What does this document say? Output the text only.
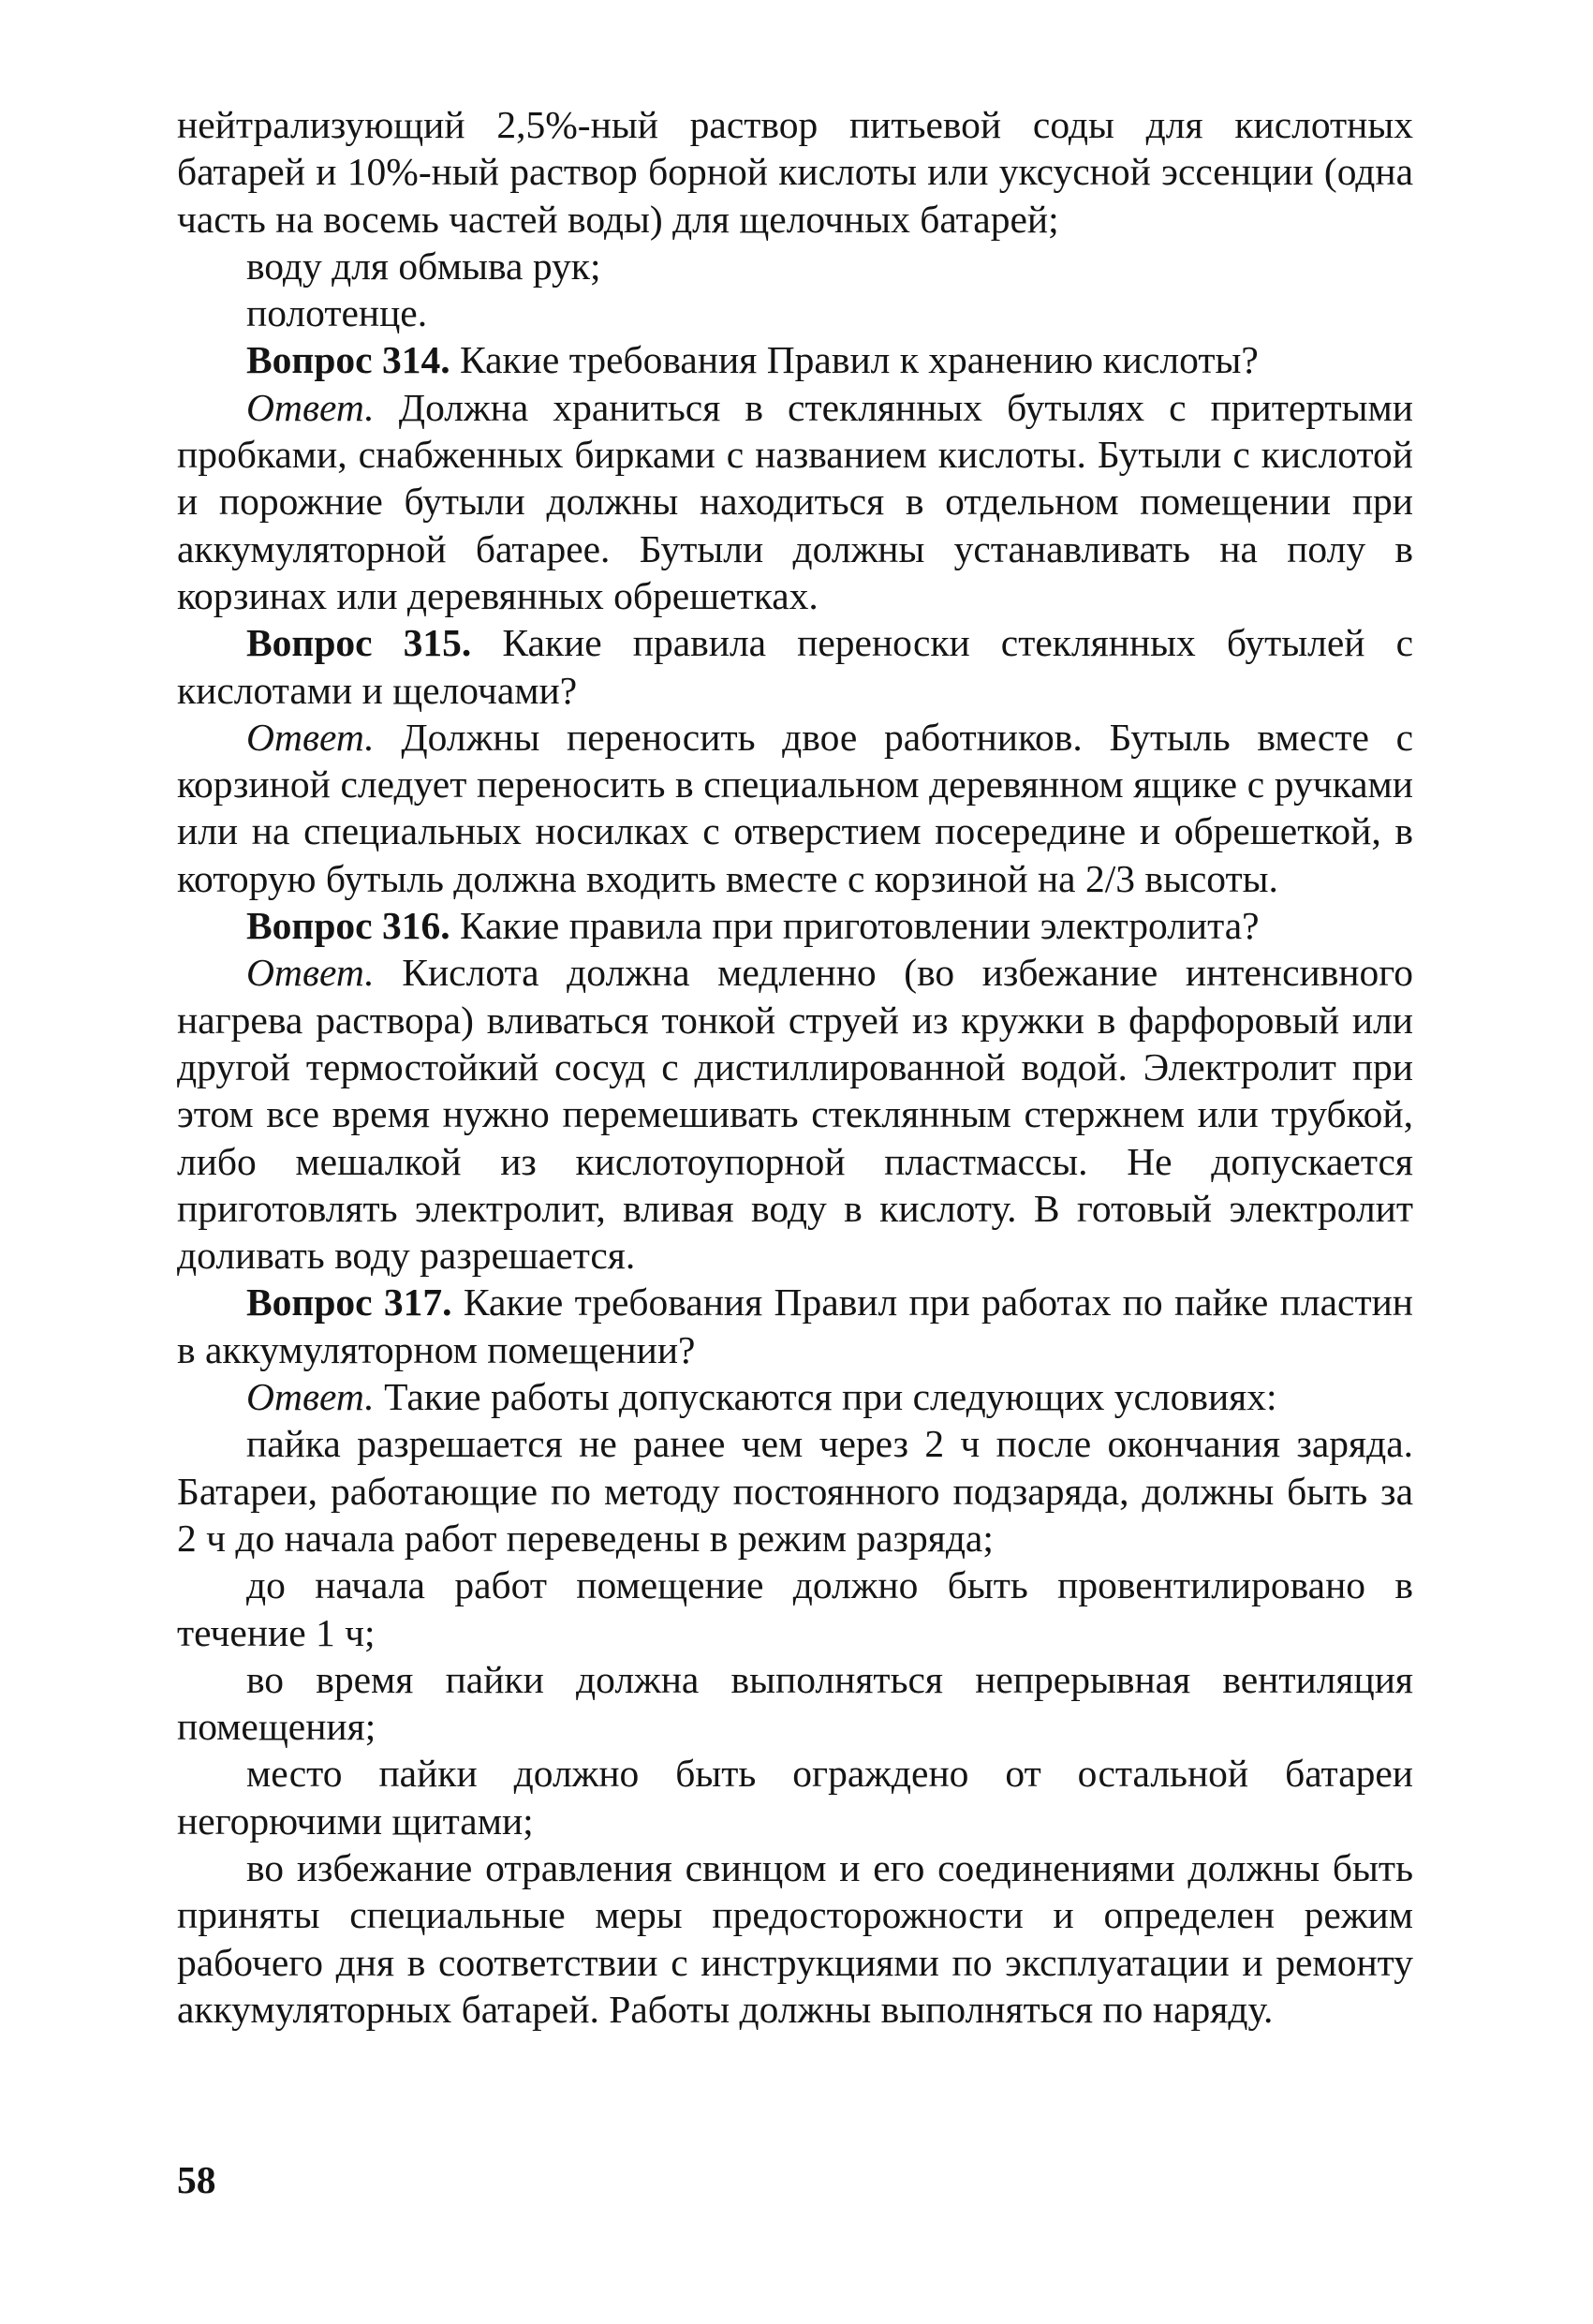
нейтрализующий 2,5%-ный раствор питьевой соды для кислотных батарей и 10%-ный раствор борной кислоты или уксусной эссенции (одна часть на восемь частей воды) для щелочных батарей;

воду для обмыва рук;

полотенце.

Вопрос 314. Какие требования Правил к хранению кислоты?

Ответ. Должна храниться в стеклянных бутылях с притертыми пробками, снабженных бирками с названием кислоты. Бутыли с кислотой и порожние бутыли должны находиться в отдельном помещении при аккумуляторной батарее. Бутыли должны устанавливать на полу в корзинах или деревянных обрешетках.

Вопрос 315. Какие правила переноски стеклянных бутылей с кислотами и щелочами?

Ответ. Должны переносить двое работников. Бутыль вместе с корзиной следует переносить в специальном деревянном ящике с ручками или на специальных носилках с отверстием посередине и обрешеткой, в которую бутыль должна входить вместе с корзиной на 2/3 высоты.

Вопрос 316. Какие правила при приготовлении электролита?

Ответ. Кислота должна медленно (во избежание интенсивного нагрева раствора) вливаться тонкой струей из кружки в фарфоровый или другой термостойкий сосуд с дистиллированной водой. Электролит при этом все время нужно перемешивать стеклянным стержнем или трубкой, либо мешалкой из кислотоупорной пластмассы. Не допускается приготовлять электролит, вливая воду в кислоту. В готовый электролит доливать воду разрешается.

Вопрос 317. Какие требования Правил при работах по пайке пластин в аккумуляторном помещении?

Ответ. Такие работы допускаются при следующих условиях:

пайка разрешается не ранее чем через 2 ч после окончания заряда. Батареи, работающие по методу постоянного подзаряда, должны быть за 2 ч до начала работ переведены в режим разряда;

до начала работ помещение должно быть провентилировано в течение 1 ч;

во время пайки должна выполняться непрерывная вентиляция помещения;

место пайки должно быть ограждено от остальной батареи негорючими щитами;

во избежание отравления свинцом и его соединениями должны быть приняты специальные меры предосторожности и определен режим рабочего дня в соответствии с инструкциями по эксплуатации и ремонту аккумуляторных батарей. Работы должны выполняться по наряду.

58
